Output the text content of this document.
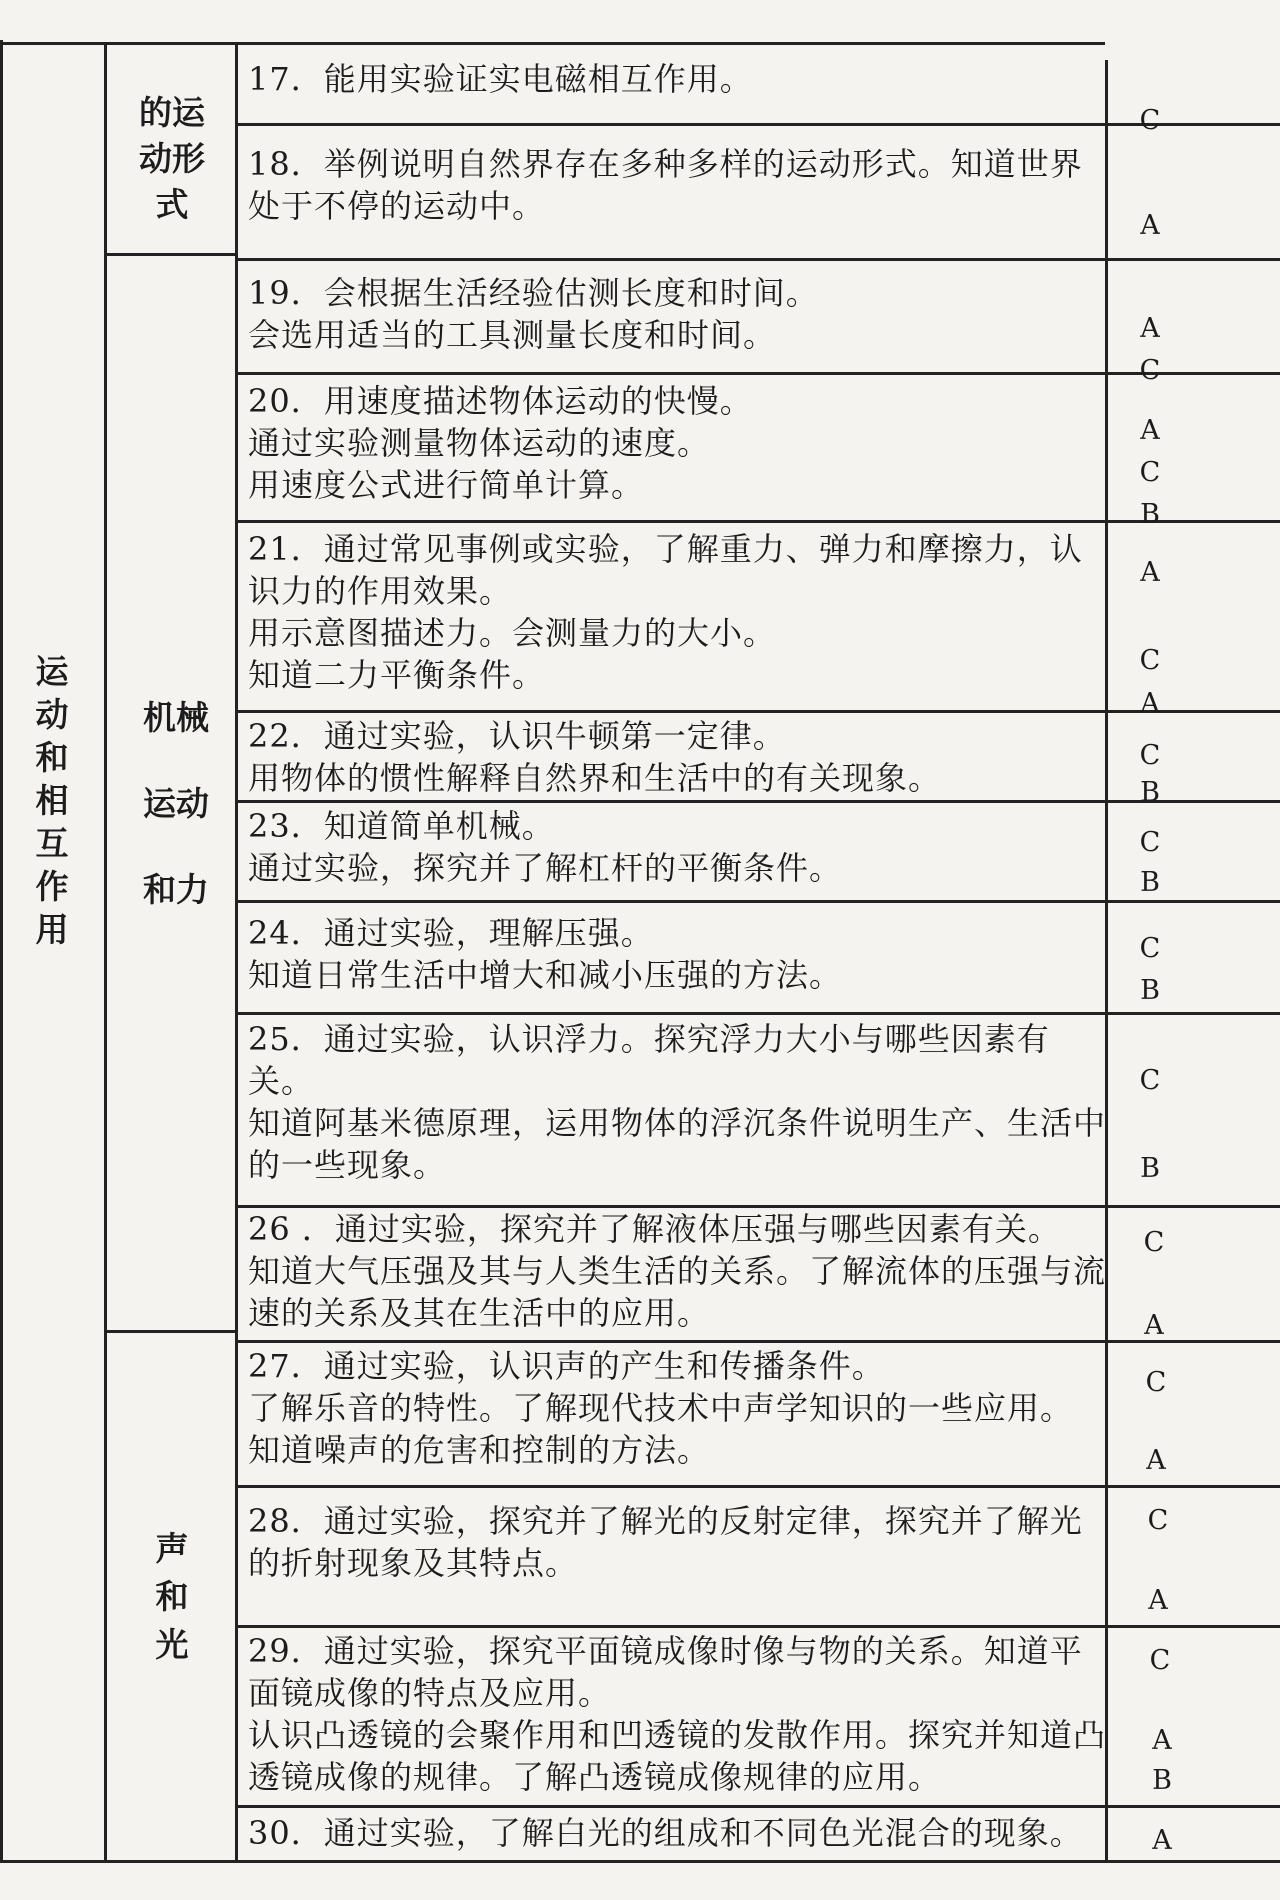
运动和相互作用
的运动形式
机械运动和力
声和光

17．能用实验证实电磁相互作用。

18．举例说明自然界存在多种多样的运动形式。知道世界处于不停的运动中。

19．会根据生活经验估测长度和时间。

会选用适当的工具测量长度和时间。

20．用速度描述物体运动的快慢。

通过实验测量物体运动的速度。

用速度公式进行简单计算。

21．通过常见事例或实验，了解重力、弹力和摩擦力，认识力的作用效果。

用示意图描述力。会测量力的大小。

知道二力平衡条件。

22．通过实验，认识牛顿第一定律。

用物体的惯性解释自然界和生活中的有关现象。

23．知道简单机械。

通过实验，探究并了解杠杆的平衡条件。

24．通过实验，理解压强。

知道日常生活中增大和减小压强的方法。

25．通过实验，认识浮力。探究浮力大小与哪些因素有关。

知道阿基米德原理，运用物体的浮沉条件说明生产、生活中的一些现象。

26 ．通过实验，探究并了解液体压强与哪些因素有关。

知道大气压强及其与人类生活的关系。了解流体的压强与流速的关系及其在生活中的应用。

27．通过实验，认识声的产生和传播条件。

了解乐音的特性。了解现代技术中声学知识的一些应用。

知道噪声的危害和控制的方法。

28．通过实验，探究并了解光的反射定律，探究并了解光的折射现象及其特点。

29．通过实验，探究平面镜成像时像与物的关系。知道平面镜成像的特点及应用。

认识凸透镜的会聚作用和凹透镜的发散作用。探究并知道凸透镜成像的规律。了解凸透镜成像规律的应用。

30．通过实验，了解白光的组成和不同色光混合的现象。

C
A
A
C
A
C
B
A
C
A
C
B
C
B
C
B
C
B
C
A
C
A
C
A
C
A
B
A
